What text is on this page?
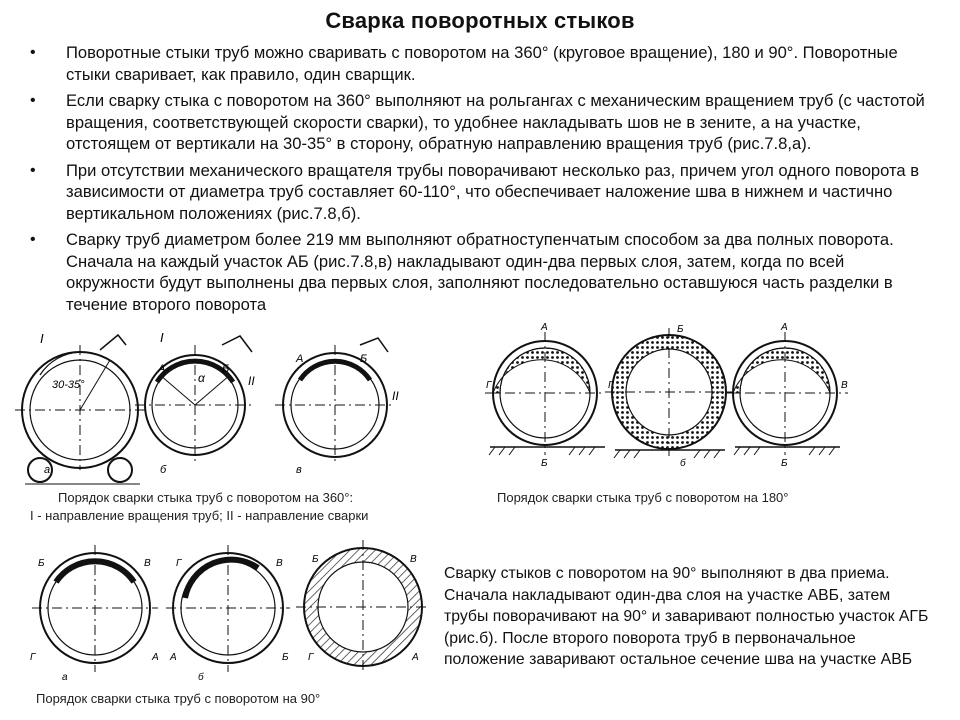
Сварка поворотных стыков
• Поворотные стыки труб можно сваривать с поворотом на 360° (круговое вращение), 180 и 90°. Поворотные стыки сваривает, как правило, один сварщик.
• Если сварку стыка с поворотом на 360° выполняют на рольгангах с механическим вращением труб (с частотой вращения, соответствующей скорости сварки), то удобнее накладывать шов не в зените, а на участке, отстоящем от вертикали на 30-35° в сторону, обратную направлению вращения труб (рис.7.8,а).
• При отсутствии механического вращателя трубы поворачивают несколько раз, причем угол одного поворота в зависимости от диаметра труб составляет 60-110°, что обеспечивает наложение шва в нижнем и частично вертикальном положениях (рис.7.8,б).
• Сварку труб диаметром более 219 мм выполняют обратноступенчатым способом за два полных поворота. Сначала на каждый участок АБ (рис.7.8,в) накладывают один-два первых слоя, затем, когда по всей окружности будут выполнены два первых слоя, заполняют последовательно оставшуюся часть разделки в течение второго поворота
I
30-35°
а
I
А	Б
α	II
б
А	Б
II
в
А
Г
Б
Б
Г
б
А
В
Б
Б	В
Г	А
а
Г	В
А	Б
б
Б	В
Г	А
Порядок сварки стыка труб с поворотом на 360°:
I - направление вращения труб; II - направление сварки
Порядок сварки стыка труб с поворотом на 180°
Порядок сварки стыка труб с поворотом на 90°
Сварку стыков с поворотом на 90° выполняют в два приема. Сначала накладывают один-два слоя на участке АВБ, затем трубы поворачивают на 90° и заваривают полностью участок АГБ (рис.б). После второго поворота труб в первоначальное положение заваривают остальное сечение шва на участке АВБ
